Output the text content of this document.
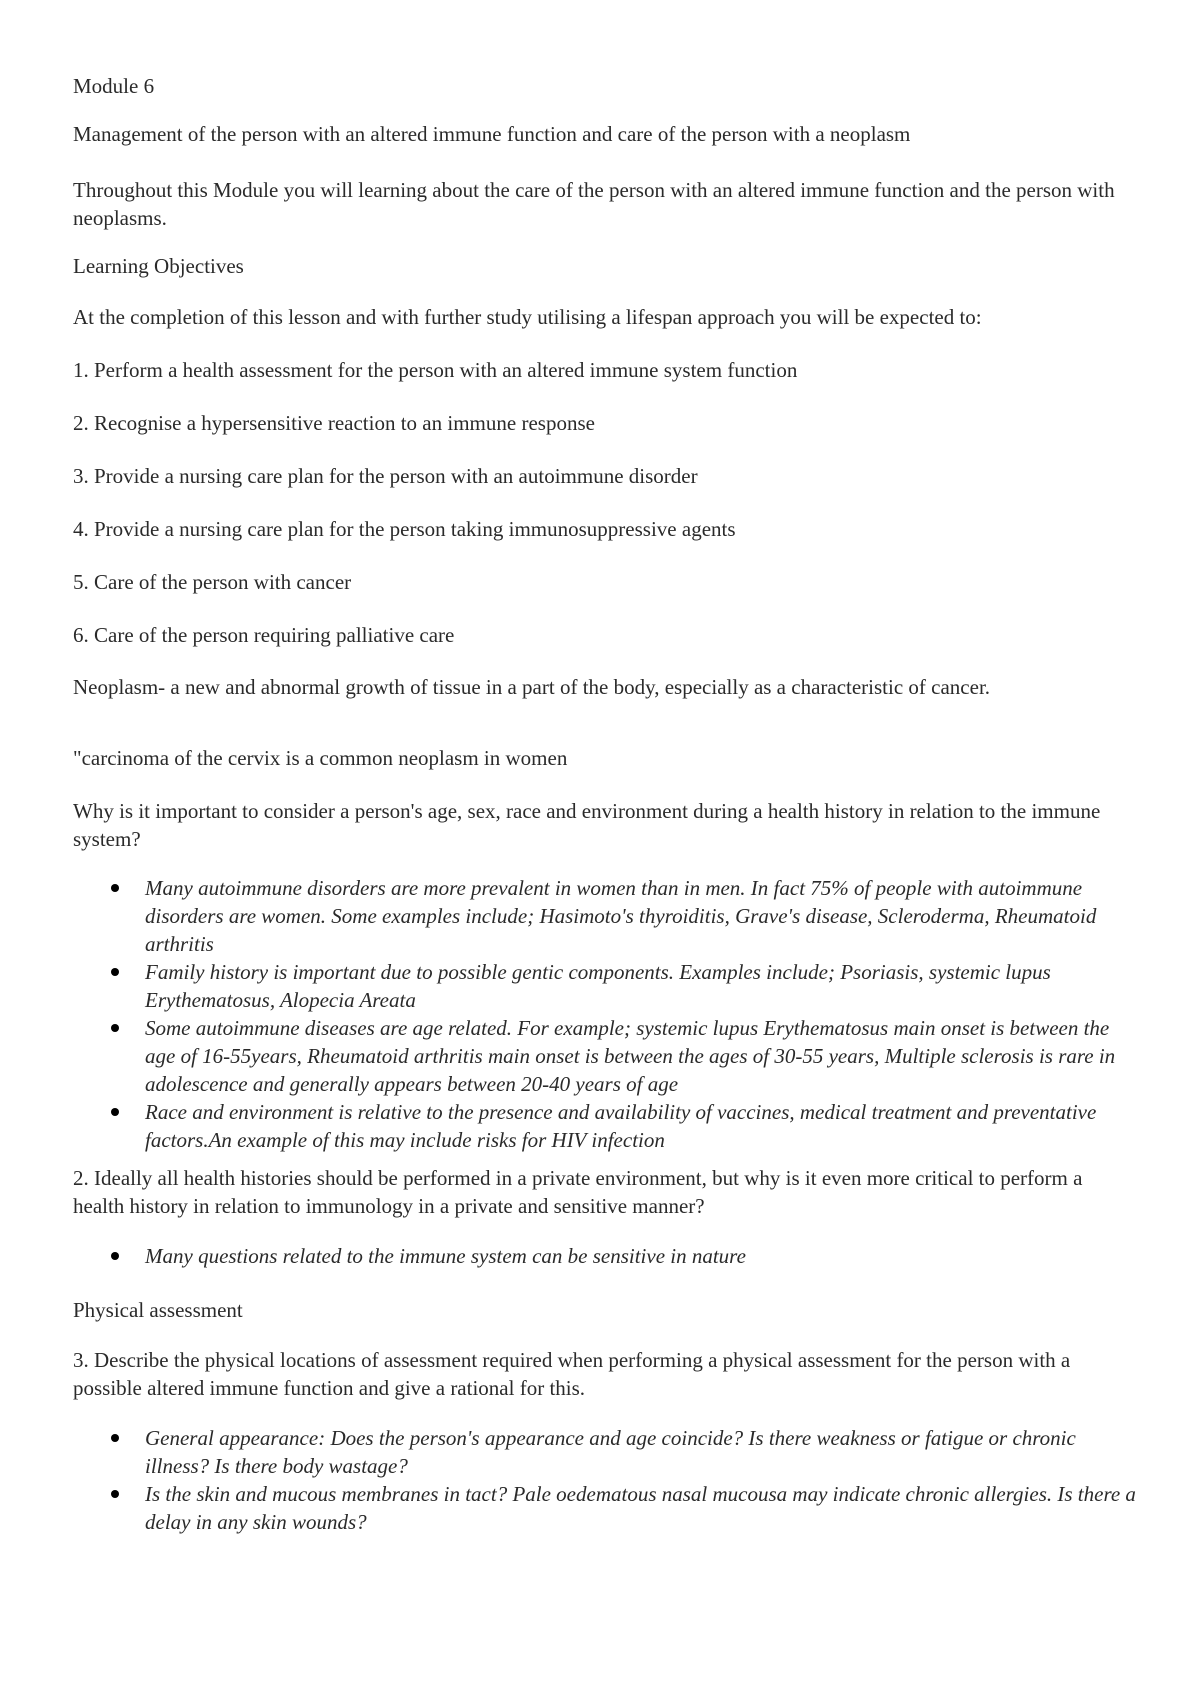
Module 6

Management of the person with an altered immune function and care of the person with a neoplasm

Throughout this Module you will learning about the care of the person with an altered immune function and the person with neoplasms.

Learning Objectives

At the completion of this lesson and with further study utilising a lifespan approach you will be expected to:

1. Perform a health assessment for the person with an altered immune system function

2. Recognise a hypersensitive reaction to an immune response

3. Provide a nursing care plan for the person with an autoimmune disorder

4. Provide a nursing care plan for the person taking immunosuppressive agents

5. Care of the person with cancer

6. Care of the person requiring palliative care

Neoplasm- a new and abnormal growth of tissue in a part of the body, especially as a characteristic of cancer.

"carcinoma of the cervix is a common neoplasm in women

Why is it important to consider a person's age, sex, race and environment during a health history in relation to the immune system?

Many autoimmune disorders are more prevalent in women than in men. In fact 75% of people with autoimmune disorders are women. Some examples include; Hasimoto's thyroiditis, Grave's disease, Scleroderma, Rheumatoid arthritis
Family history is important due to possible gentic components. Examples include; Psoriasis, systemic lupus Erythematosus, Alopecia Areata
Some autoimmune diseases are age related. For example; systemic lupus Erythematosus main onset is between the age of 16-55years, Rheumatoid arthritis main onset is between the ages of 30-55 years, Multiple sclerosis is rare in adolescence and generally appears between 20-40 years of age
Race and environment is relative to the presence and availability of vaccines, medical treatment and preventative factors.An example of this may include risks for HIV infection

2. Ideally all health histories should be performed in a private environment, but why is it even more critical to perform a health history in relation to immunology in a private and sensitive manner?

Many questions related to the immune system can be sensitive in nature

Physical assessment

3. Describe the physical locations of assessment required when performing a physical assessment for the person with a possible altered immune function and give a rational for this.

General appearance: Does the person's appearance and age coincide? Is there weakness or fatigue or chronic illness? Is there body wastage?
Is the skin and mucous membranes in tact? Pale oedematous nasal mucousa may indicate chronic allergies. Is there a delay in any skin wounds?
